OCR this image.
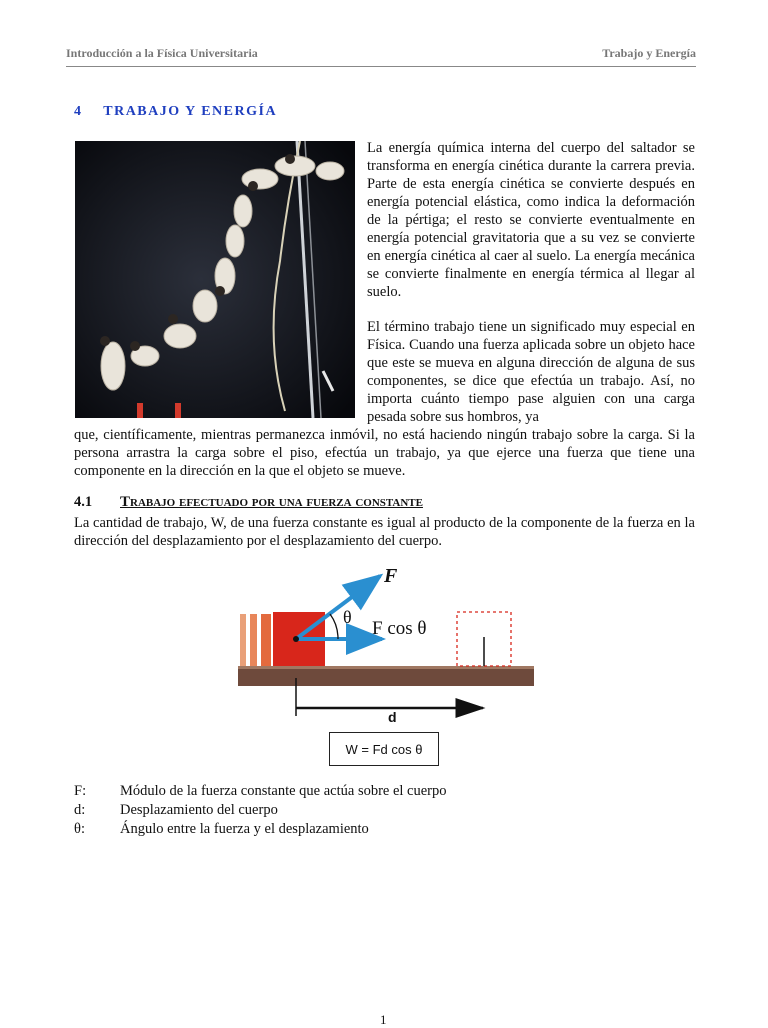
Introducción a la Física Universitaria	Trabajo y Energía
4 TRABAJO Y ENERGÍA

La energía química interna del cuerpo del saltador se transforma en energía cinética durante la carrera previa. Parte de esta energía cinética se convierte después en energía potencial elástica, como indica la deformación de la pértiga; el resto se convierte eventualmente en energía potencial gravitatoria que a su vez se convierte en energía cinética al caer al suelo. La energía mecánica se convierte finalmente en energía térmica al llegar al suelo.

El término trabajo tiene un significado muy especial en Física. Cuando una fuerza aplicada sobre un objeto hace que este se mueva en alguna dirección de alguna de sus componentes, se dice que efectúa un trabajo. Así, no importa cuánto tiempo pase alguien con una carga pesada sobre sus hombros, ya

que, científicamente, mientras permanezca inmóvil, no está haciendo ningún trabajo sobre la carga. Si la persona arrastra la carga sobre el piso, efectúa un trabajo, ya que ejerce una fuerza que tiene una componente en la dirección en la que el objeto se mueve.

4.1 Trabajo efectuado por una fuerza constante

La cantidad de trabajo, W, de una fuerza constante es igual al producto de la componente de la fuerza en la dirección del desplazamiento por el desplazamiento del cuerpo.

F
θ
F cos θ
d
W = Fd cos θ
F:	Módulo de la fuerza constante que actúa sobre el cuerpo
d:	Desplazamiento del cuerpo
θ:	Ángulo entre la fuerza y el desplazamiento
1
